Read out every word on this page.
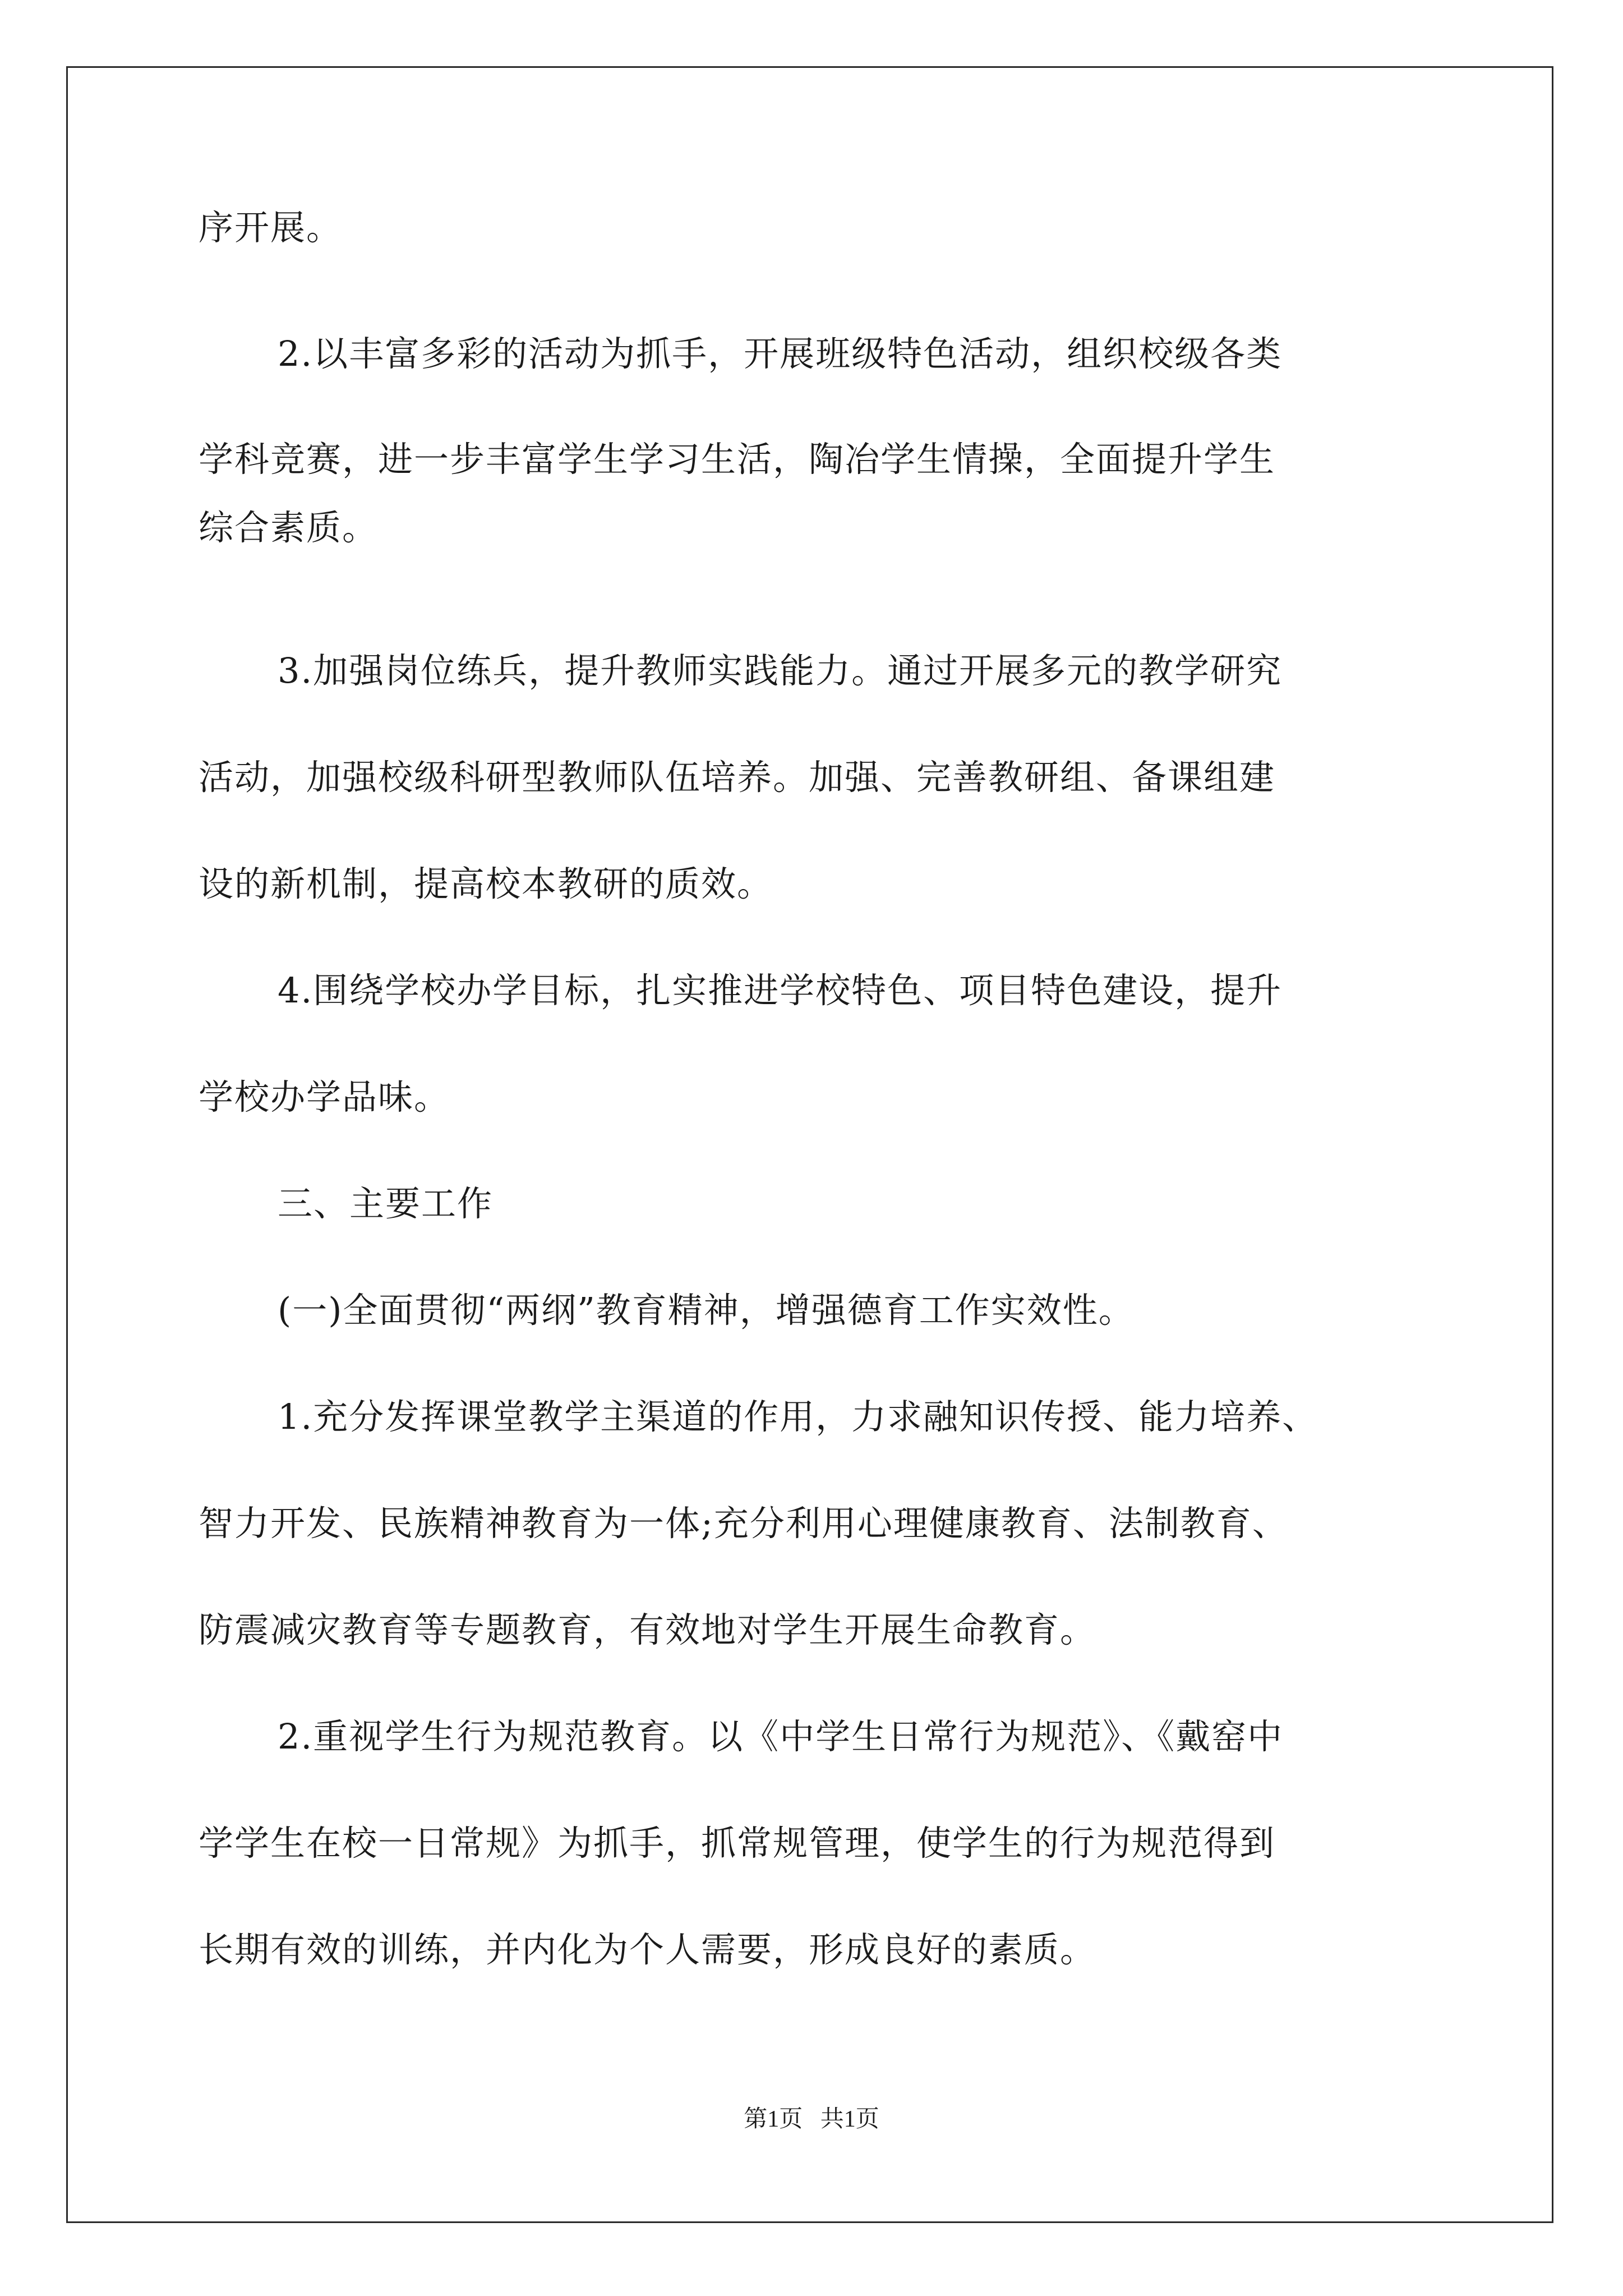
序开展。
2.以丰富多彩的活动为抓手，开展班级特色活动，组织校级各类
学科竞赛，进一步丰富学生学习生活，陶冶学生情操，全面提升学生
综合素质。
3.加强岗位练兵，提升教师实践能力。通过开展多元的教学研究
活动，加强校级科研型教师队伍培养。加强、完善教研组、备课组建
设的新机制，提高校本教研的质效。
4.围绕学校办学目标，扎实推进学校特色、项目特色建设，提升
学校办学品味。
三、主要工作
(一)全面贯彻“两纲”教育精神，增强德育工作实效性。
1.充分发挥课堂教学主渠道的作用，力求融知识传授、能力培养、
智力开发、民族精神教育为一体;充分利用心理健康教育、法制教育、
防震减灾教育等专题教育，有效地对学生开展生命教育。
2.重视学生行为规范教育。以《中学生日常行为规范》、《戴窑中
学学生在校一日常规》为抓手，抓常规管理，使学生的行为规范得到
长期有效的训练，并内化为个人需要，形成良好的素质。
第1页   共1页
